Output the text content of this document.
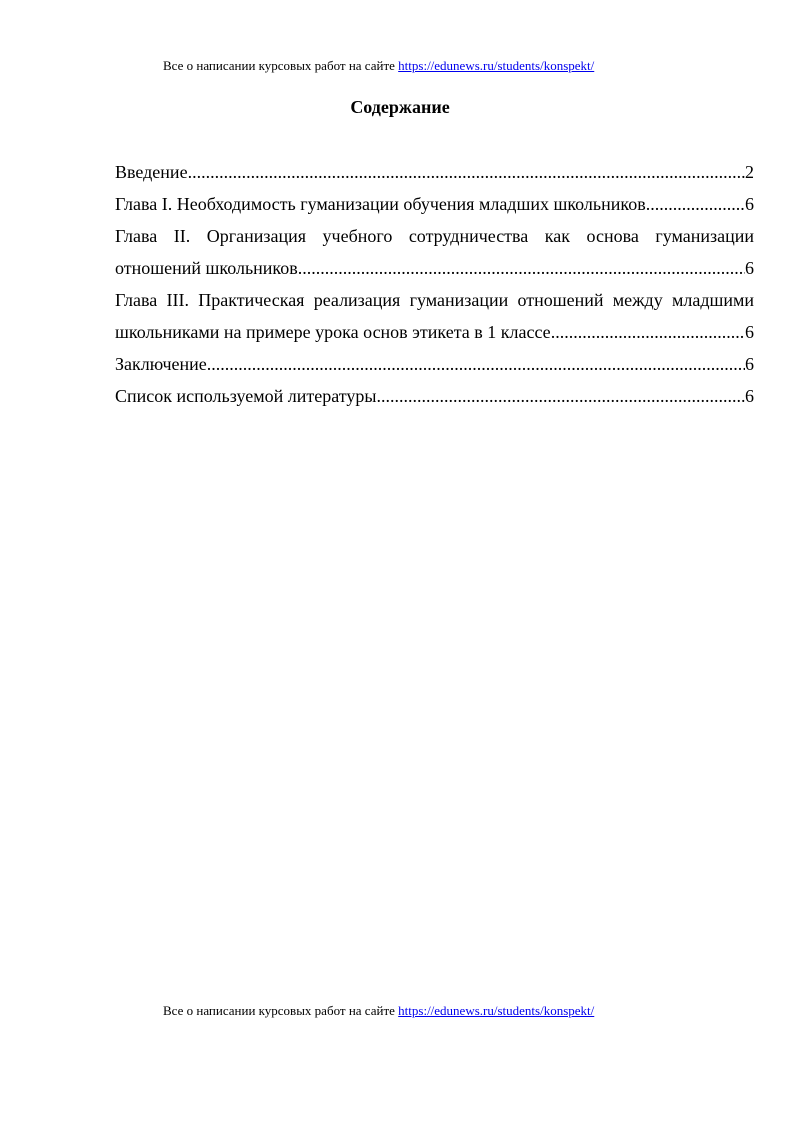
Все о написании курсовых работ на сайте https://edunews.ru/students/konspekt/
Содержание
Введение .....	2
Глава I. Необходимость гуманизации обучения младших школьников .....	6
Глава II. Организация учебного сотрудничества как основа гуманизации
отношений школьников .....	6
Глава III. Практическая реализация гуманизации отношений между младшими
школьниками на примере урока основ этикета в 1 классе .....	6
Заключение .....	6
Список используемой литературы .....	6
Все о написании курсовых работ на сайте https://edunews.ru/students/konspekt/
